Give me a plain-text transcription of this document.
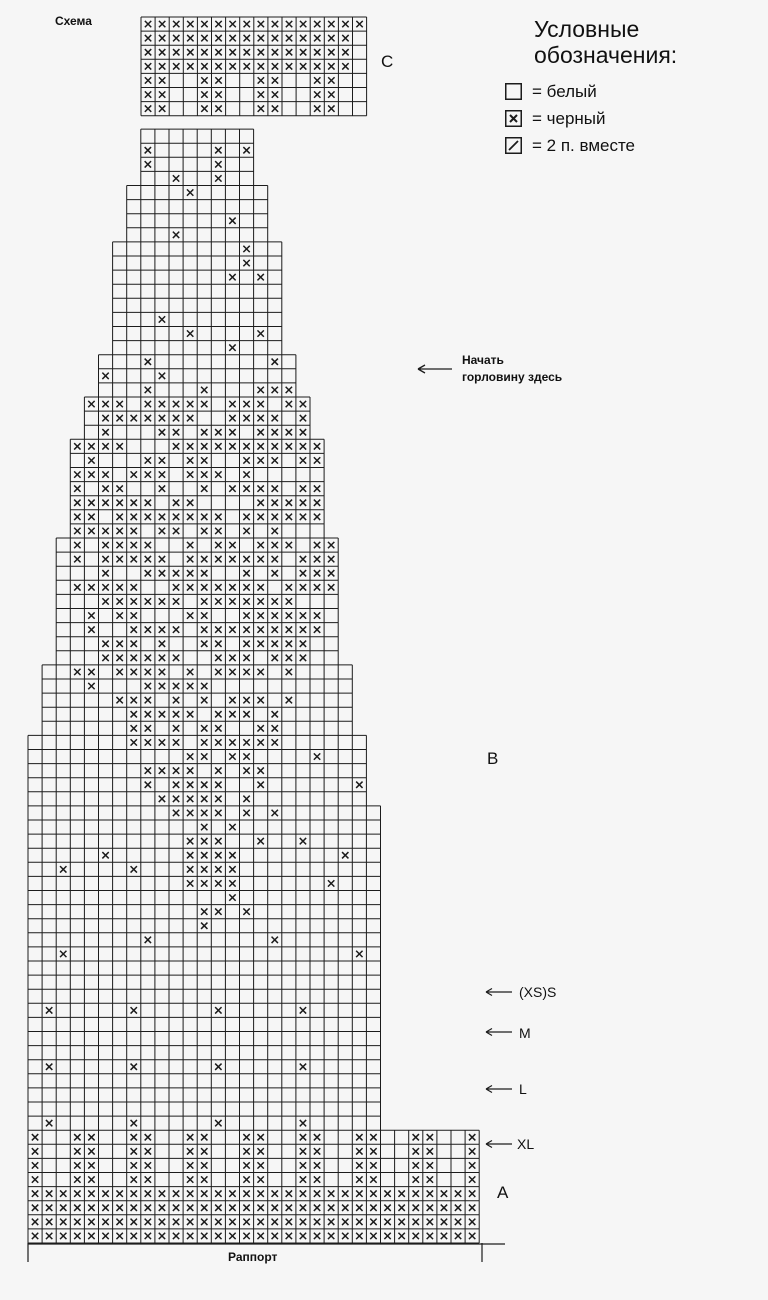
Схема
C
B
A
Условные
обозначения:
= белый
= черный
= 2 п. вместе
Начать
горловину здесь
(XS)S
M
L
XL
Раппорт
